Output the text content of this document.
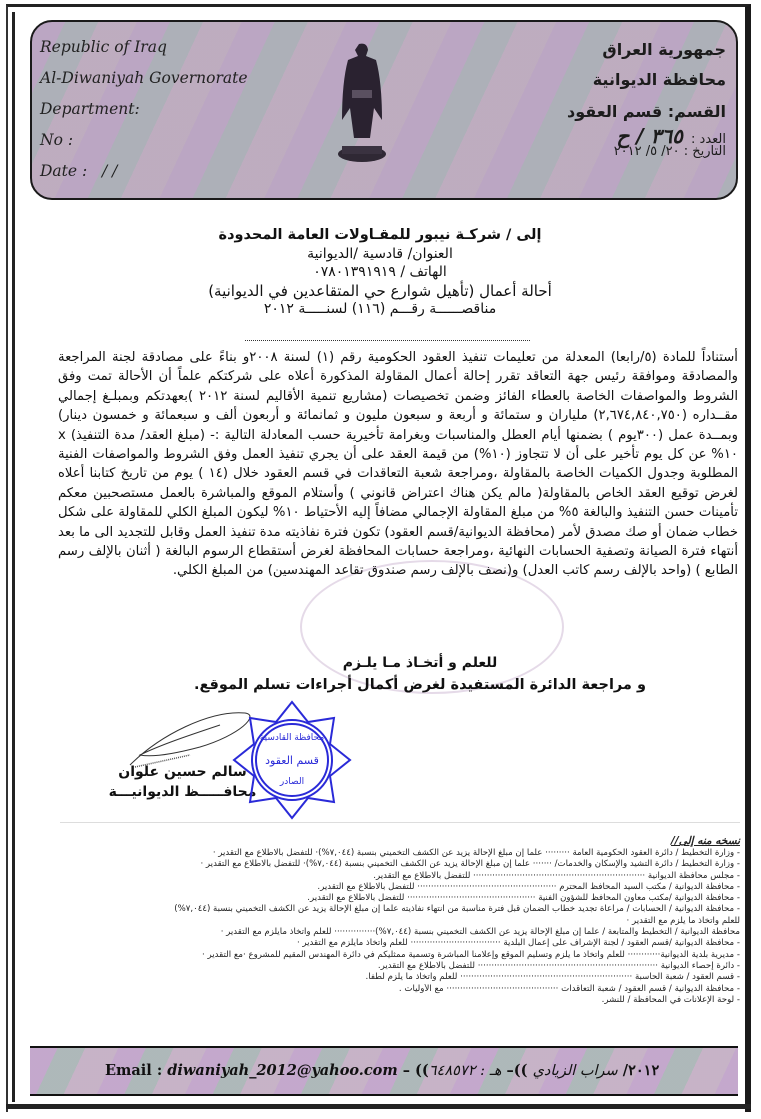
Republic of Iraq
Al-Diwaniyah Governorate
Department:
No :
Date : / /
جمهورية العراق
محافظة الديوانية
القسم: قسم العقود
العدد : ٣٦٥ / ح
التاريخ : ٢٠/ ٥/ ٢٠١٢
إلى / شركـة نيبور للمقـاولات العامة المحدودة
العنوان/ قادسية /الديوانية
الهاتف / ٠٧٨٠١٣٩١٩١٩
أحالة أعمال (تأهيل شوارع حي المتقاعدين في الديوانية)
مناقصــــــة رقـــم (١١٦) لسنـــــة ٢٠١٢

أستناداً للمادة (٥/رابعا) المعدلة من تعليمات تنفيذ العقود الحكومية رقم (١) لسنة ٢٠٠٨و بناءً على مصادقة لجنة المراجعة والمصادقة وموافقة رئيس جهة التعاقد تقرر إحالة أعمال المقاولة المذكورة أعلاه على شركتكم علماً أن الأحالة تمت وفق الشروط والمواصفات الخاصة بالعطاء الفائز وضمن تخصيصات (مشاريع تنمية الأقاليم لسنة ٢٠١٢ )بعهدتكم وبمبلـغ إجمالي مقــداره (٢,٦٧٤,٨٤٠,٧٥٠) ملياران و ستمائة و أربعة و سبعون مليون و ثمانمائة و أربعون ألف و سبعمائة و خمسون دينار) وبمــدة عمل (٣٠٠يوم ) بضمنها أيام العطل والمناسبات وبغرامة تأخيرية حسب المعادلة التالية :- (مبلغ العقد/ مدة التنفيذ) x ١٠% عن كل يوم تأخير على أن لا تتجاوز (١٠%) من قيمة العقد على أن يجري تنفيذ العمل وفق الشروط والمواصفات الفنية المطلوبة وجدول الكميات الخاصة بالمقاولة ،ومراجعة شعبة التعاقدات في قسم العقود خلال (١٤ ) يوم من تاريخ كتابنا أعلاه لغرض توقيع العقد الخاص بالمقاولة( مالم يكن هناك اعتراض قانوني ) وأستلام الموقع والمباشرة بالعمل مستصحبين معكم تأمينات حسن التنفيذ والبالغة ٥% من مبلغ المقاولة الإجمالي مضافاً إليه الأحتياط ١٠% ليكون المبلغ الكلي للمقاولة على شكل خطاب ضمان أو صك مصدق لأمر (محافظة الديوانية/قسم العقود) تكون فترة نفاذيته مدة تنفيذ العمل وقابل للتجديد الى ما بعد أنتهاء فترة الصيانة وتصفية الحسابات النهائية ،ومراجعة حسابات المحافظة لغرض أستقطاع الرسوم البالغة ( أثنان بالإلف رسم الطابع ) (واحد بالإلف رسم كاتب العدل) و(نصف بالإلف رسم صندوق تقاعد المهندسين) من المبلغ الكلي.

للعلم و أتخـاذ مـا يلـزم
و مراجعة الدائرة المستفيدة لغرض أكمال أجراءات تسلم الموقع.
سالم حسين علوان
محافـــــظ الديوانيـــة
محافظة القادسية
قسم العقود
الصادر
نسخه منه إلى//
- وزارة التخطيط / دائرة العقود الحكومية العامة ········· علما إن مبلغ الإحالة يزيد عن الكشف التخميني بنسبة (٧,٠٤٤%)· للتفضل بالاطلاع مع التقدير ·
- وزارة التخطيط / دائرة التشيد والإسكان والخدمات/ ······· علما إن مبلغ الإحالة يزيد عن الكشف التخميني بنسبة (٧,٠٤٤%)· للتفضل بالاطلاع مع التقدير ·
- مجلس محافظة الديوانية ······························································· للتفضل بالاطلاع مع التقدير.
- محافظة الديوانية / مكتب السيد المحافظ المحترم ··················································· للتفضل بالاطلاع مع التقدير.
- محافظة الديوانية /مكتب معاون المحافظ للشؤون الفنية ··············································· للتفضل بالاطلاع مع التقدير.
- محافظة الديوانية / الحسابات / مراعاة تجديد خطاب الضمان قبل فترة مناسبة من انتهاء نفاذيته علما إن مبلغ الإحالة يزيد عن الكشف التخميني بنسبة (٧,٠٤٤%)
للعلم واتخاذ ما يلزم مع التقدير ·
محافظة الديوانية / التخطيط والمتابعة / علما إن مبلغ الإحالة يزيد عن الكشف التخميني بنسبة (٧,٠٤٤%)··············· للعلم واتخاذ مايلزم مع التقدير ·
- محافظة الديوانية /قسم العقود / لجنة الإشراف على إعمال البلدية ································· للعلم واتخاذ مايلزم مع التقدير ·
- مديرية بلدية الديوانية············ للعلم واتخاذ ما يلزم وتسليم الموقع وإعلامنا المباشرة وتسمية ممثليكم في دائرة المهندس المقيم للمشروع ·مع التقدير ·
- دائرة إحصاء الديوانية ·································································· للتفضل بالاطلاع مع التقدير.
- قسم العقود / شعبة الحاسبة ······························································· للعلم واتخاذ ما يلزم لطفاً.
- محافظة الديوانية / قسم العقود / شعبة التعاقدات ········································· مع الأوليات .
- لوحة الإعلانات في المحافظة / للنشر.
Email : diwaniyah_2012@yahoo.com – ((٢٠١٢/ سراب الزيادي ))– هـ : ٦٤٨٥٧٢
